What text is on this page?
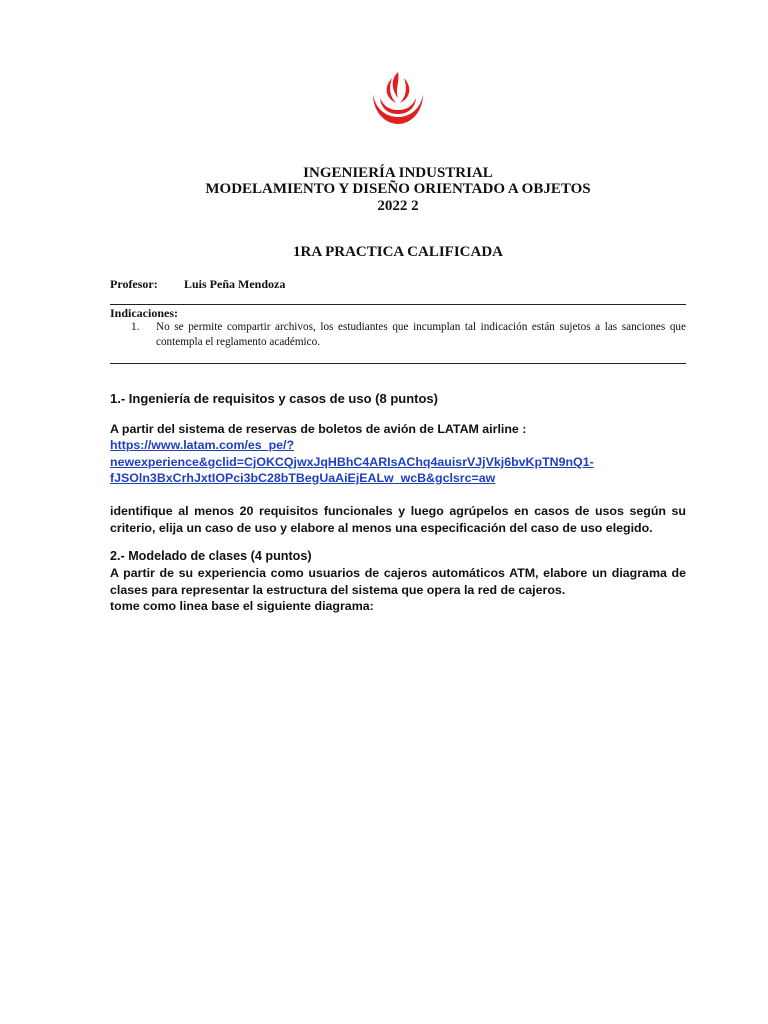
INGENIERÍA INDUSTRIAL
MODELAMIENTO Y DISEÑO ORIENTADO A OBJETOS
2022 2
1RA PRACTICA CALIFICADA
Profesor: Luis Peña Mendoza
Indicaciones:
1. No se permite compartir archivos, los estudiantes que incumplan tal indicación están sujetos a las sanciones que contempla el reglamento académico.
1.- Ingeniería de requisitos y casos de uso (8 puntos)
A partir del sistema de reservas de boletos de avión de LATAM airline :
https://www.latam.com/es_pe/?
newexperience&gclid=CjOKCQjwxJqHBhC4ARIsAChq4auisrVJjVkj6bvKpTN9nQ1-
fJSOln3BxCrhJxtIOPci3bC28bTBegUaAiEjEALw_wcB&gclsrc=aw
identifique al menos 20 requisitos funcionales y luego agrúpelos en casos de usos según su criterio, elija un caso de uso y elabore al menos una especificación del caso de uso elegido.
2.- Modelado de clases (4 puntos)
A partir de su experiencia como usuarios de cajeros automáticos ATM, elabore un diagrama de clases para representar la estructura del sistema que opera la red de cajeros.
tome como linea base el siguiente diagrama:
